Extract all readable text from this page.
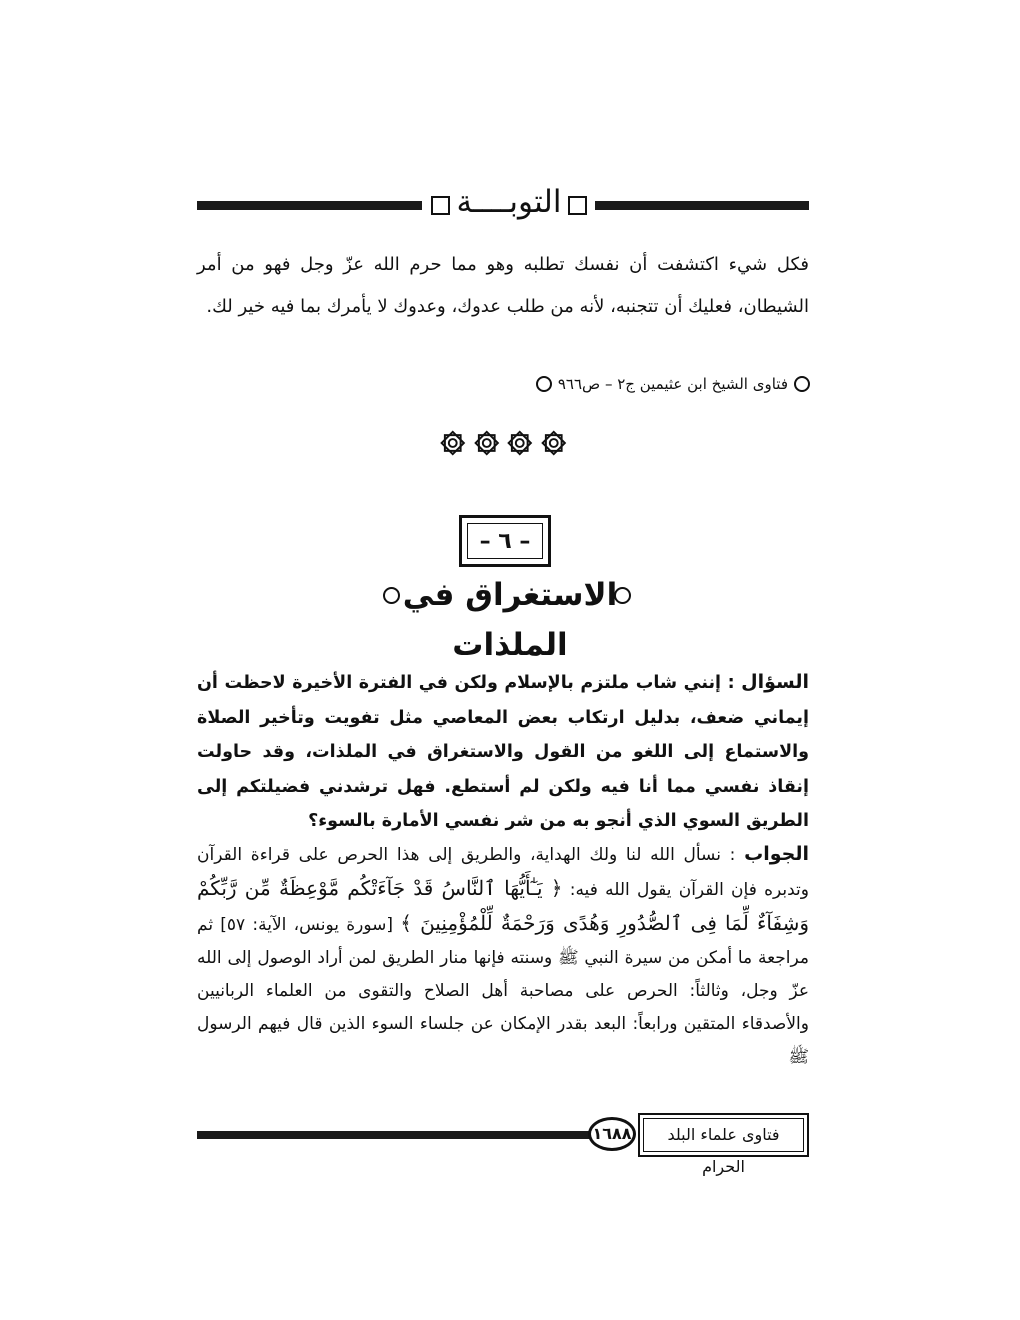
التوبــــة
فكل شيء اكتشفت أن نفسك تطلبه وهو مما حرم الله عزّ وجل فهو من أمر الشيطان، فعليك أن تتجنبه، لأنه من طلب عدوك، وعدوك لا يأمرك بما فيه خير لك.
فتاوى الشيخ ابن عثيمين ج٢ – ص٩٦٦
– ٦ –
الاستغراق في الملذات
السؤال : إنني شاب ملتزم بالإسلام ولكن في الفترة الأخيرة لاحظت أن إيماني ضعف، بدليل ارتكاب بعض المعاصي مثل تفويت وتأخير الصلاة والاستماع إلى اللغو من القول والاستغراق في الملذات، وقد حاولت إنقاذ نفسي مما أنا فيه ولكن لم أستطع. فهل ترشدني فضيلتكم إلى الطريق السوي الذي أنجو به من شر نفسي الأمارة بالسوء؟
الجواب : نسأل الله لنا ولك الهداية، والطريق إلى هذا الحرص على قراءة القرآن وتدبره فإن القرآن يقول الله فيه: ﴿ يَـٰٓأَيُّهَا ٱلنَّاسُ قَدْ جَآءَتْكُم مَّوْعِظَةٌ مِّن رَّبِّكُمْ وَشِفَآءٌ لِّمَا فِى ٱلصُّدُورِ وَهُدًى وَرَحْمَةٌ لِّلْمُؤْمِنِينَ ﴾ [سورة يونس، الآية: ٥٧] ثم مراجعة ما أمكن من سيرة النبي ﷺ وسنته فإنها منار الطريق لمن أراد الوصول إلى الله عزّ وجل، وثالثاً: الحرص على مصاحبة أهل الصلاح والتقوى من العلماء الربانيين والأصدقاء المتقين ورابعاً: البعد بقدر الإمكان عن جلساء السوء الذين قال فيهم الرسول ﷺ
١٦٨٨	فتاوى علماء البلد الحرام
